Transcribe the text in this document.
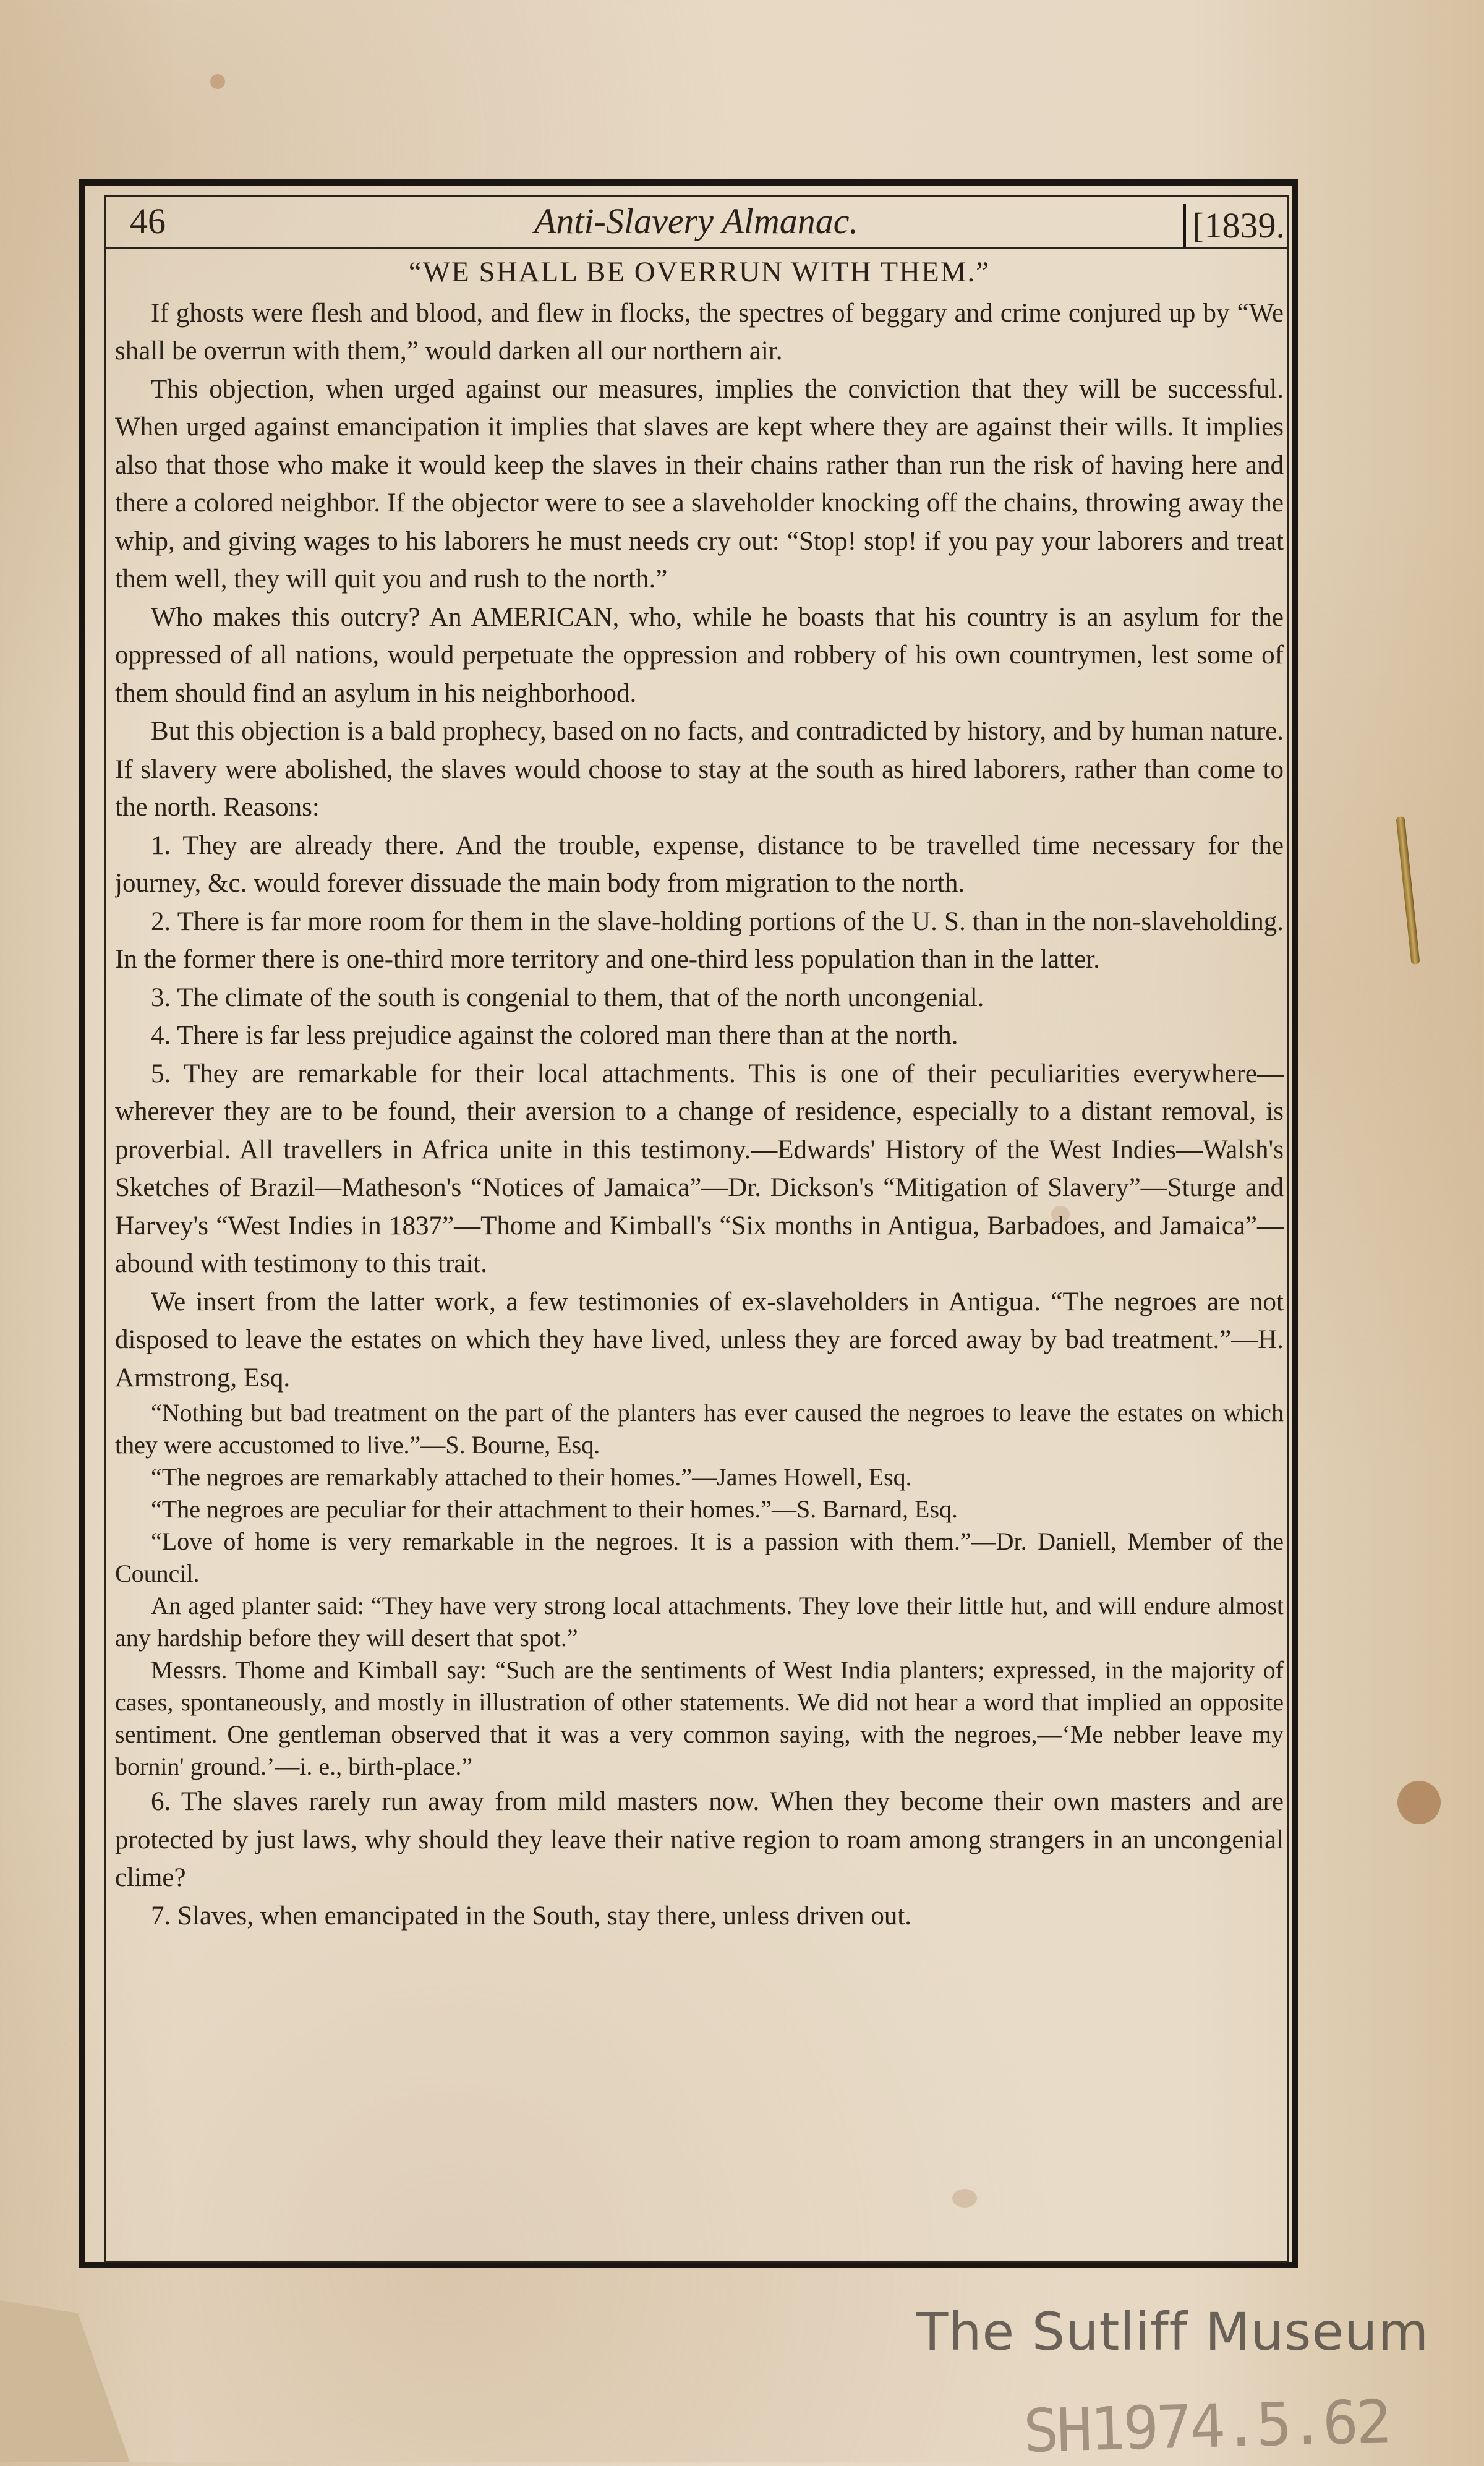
46	Anti-Slavery Almanac.	[1839.

“WE SHALL BE OVERRUN WITH THEM.”

If ghosts were flesh and blood, and flew in flocks, the spectres of beggary and crime conjured up by “We shall be overrun with them,” would darken all our northern air.

This objection, when urged against our measures, implies the conviction that they will be successful. When urged against emancipation it implies that slaves are kept where they are against their wills. It implies also that those who make it would keep the slaves in their chains rather than run the risk of having here and there a colored neighbor. If the objector were to see a slaveholder knocking off the chains, throwing away the whip, and giving wages to his laborers he must needs cry out: “Stop! stop! if you pay your laborers and treat them well, they will quit you and rush to the north.”

Who makes this outcry? An AMERICAN, who, while he boasts that his country is an asylum for the oppressed of all nations, would perpetuate the oppression and robbery of his own countrymen, lest some of them should find an asylum in his neighborhood.

But this objection is a bald prophecy, based on no facts, and contradicted by history, and by human nature. If slavery were abolished, the slaves would choose to stay at the south as hired laborers, rather than come to the north. Reasons:

1. They are already there. And the trouble, expense, distance to be travelled time necessary for the journey, &c. would forever dissuade the main body from migration to the north.

2. There is far more room for them in the slave-holding portions of the U. S. than in the non-slaveholding. In the former there is one-third more territory and one-third less population than in the latter.

3. The climate of the south is congenial to them, that of the north uncongenial.

4. There is far less prejudice against the colored man there than at the north.

5. They are remarkable for their local attachments. This is one of their peculiarities everywhere—wherever they are to be found, their aversion to a change of residence, especially to a distant removal, is proverbial. All travellers in Africa unite in this testimony.—Edwards' History of the West Indies—Walsh's Sketches of Brazil—Matheson's “Notices of Jamaica”—Dr. Dickson's “Mitigation of Slavery”—Sturge and Harvey's “West Indies in 1837”—Thome and Kimball's “Six months in Antigua, Barbadoes, and Jamaica”—abound with testimony to this trait.

We insert from the latter work, a few testimonies of ex-slaveholders in Antigua. “The negroes are not disposed to leave the estates on which they have lived, unless they are forced away by bad treatment.”—H. Armstrong, Esq.

“Nothing but bad treatment on the part of the planters has ever caused the negroes to leave the estates on which they were accustomed to live.”—S. Bourne, Esq.

“The negroes are remarkably attached to their homes.”—James Howell, Esq.

“The negroes are peculiar for their attachment to their homes.”—S. Barnard, Esq.

“Love of home is very remarkable in the negroes. It is a passion with them.”—Dr. Daniell, Member of the Council.

An aged planter said: “They have very strong local attachments. They love their little hut, and will endure almost any hardship before they will desert that spot.”

Messrs. Thome and Kimball say: “Such are the sentiments of West India planters; expressed, in the majority of cases, spontaneously, and mostly in illustration of other statements. We did not hear a word that implied an opposite sentiment. One gentleman observed that it was a very common saying, with the negroes,—‘Me nebber leave my bornin' ground.’—i. e., birth-place.”

6. The slaves rarely run away from mild masters now. When they become their own masters and are protected by just laws, why should they leave their native region to roam among strangers in an uncongenial clime?

7. Slaves, when emancipated in the South, stay there, unless driven out.

The Sutliff Museum
SH1974.5.62
